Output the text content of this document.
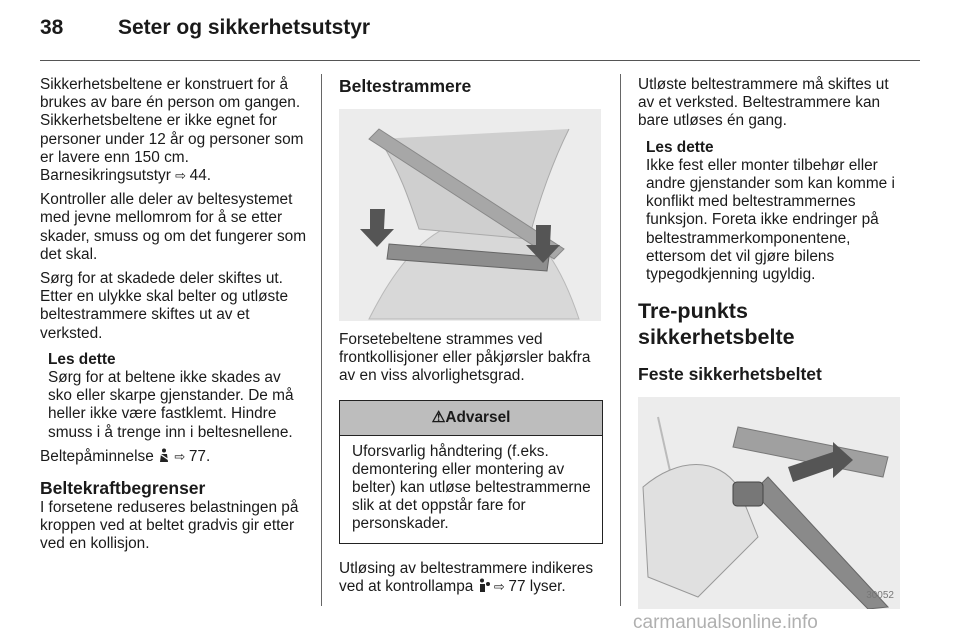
38	Seter og sikkerhetsutstyr

Sikkerhetsbeltene er konstruert for å brukes av bare én person om gangen. Sikkerhetsbeltene er ikke egnet for personer under 12 år og personer som er lavere enn 150 cm. Barnesikringsutstyr ⇨ 44.

Kontroller alle deler av beltesystemet med jevne mellomrom for å se etter skader, smuss og om det fungerer som det skal.

Sørg for at skadede deler skiftes ut. Etter en ulykke skal belter og utløste beltestrammere skiftes ut av et verksted.

Les dette
Sørg for at beltene ikke skades av sko eller skarpe gjenstander. De må heller ikke være fastklemt. Hindre smuss i å trenge inn i beltesnellene.

Beltepåminnelse  ⇨ 77.

Beltekraftbegrenser

I forsetene reduseres belastningen på kroppen ved at beltet gradvis gir etter ved en kollisjon.

Beltestrammere

Forsetebeltene strammes ved frontkollisjoner eller påkjørsler bakfra av en viss alvorlighetsgrad.

⚠Advarsel
Uforsvarlig håndtering (f.eks. demontering eller montering av belter) kan utløse beltestrammerne slik at det oppstår fare for personskader.

Utløsing av beltestrammere indikeres ved at kontrollampa  ⇨ 77 lyser.

Utløste beltestrammere må skiftes ut av et verksted. Beltestrammere kan bare utløses én gang.

Les dette
Ikke fest eller monter tilbehør eller andre gjenstander som kan komme i konflikt med beltestrammernes funksjon. Foreta ikke endringer på beltestrammerkomponentene, ettersom det vil gjøre bilens typegodkjenning ugyldig.
Tre-punkts sikkerhetsbelte
Feste sikkerhetsbeltet
30052
carmanualsonline.info
